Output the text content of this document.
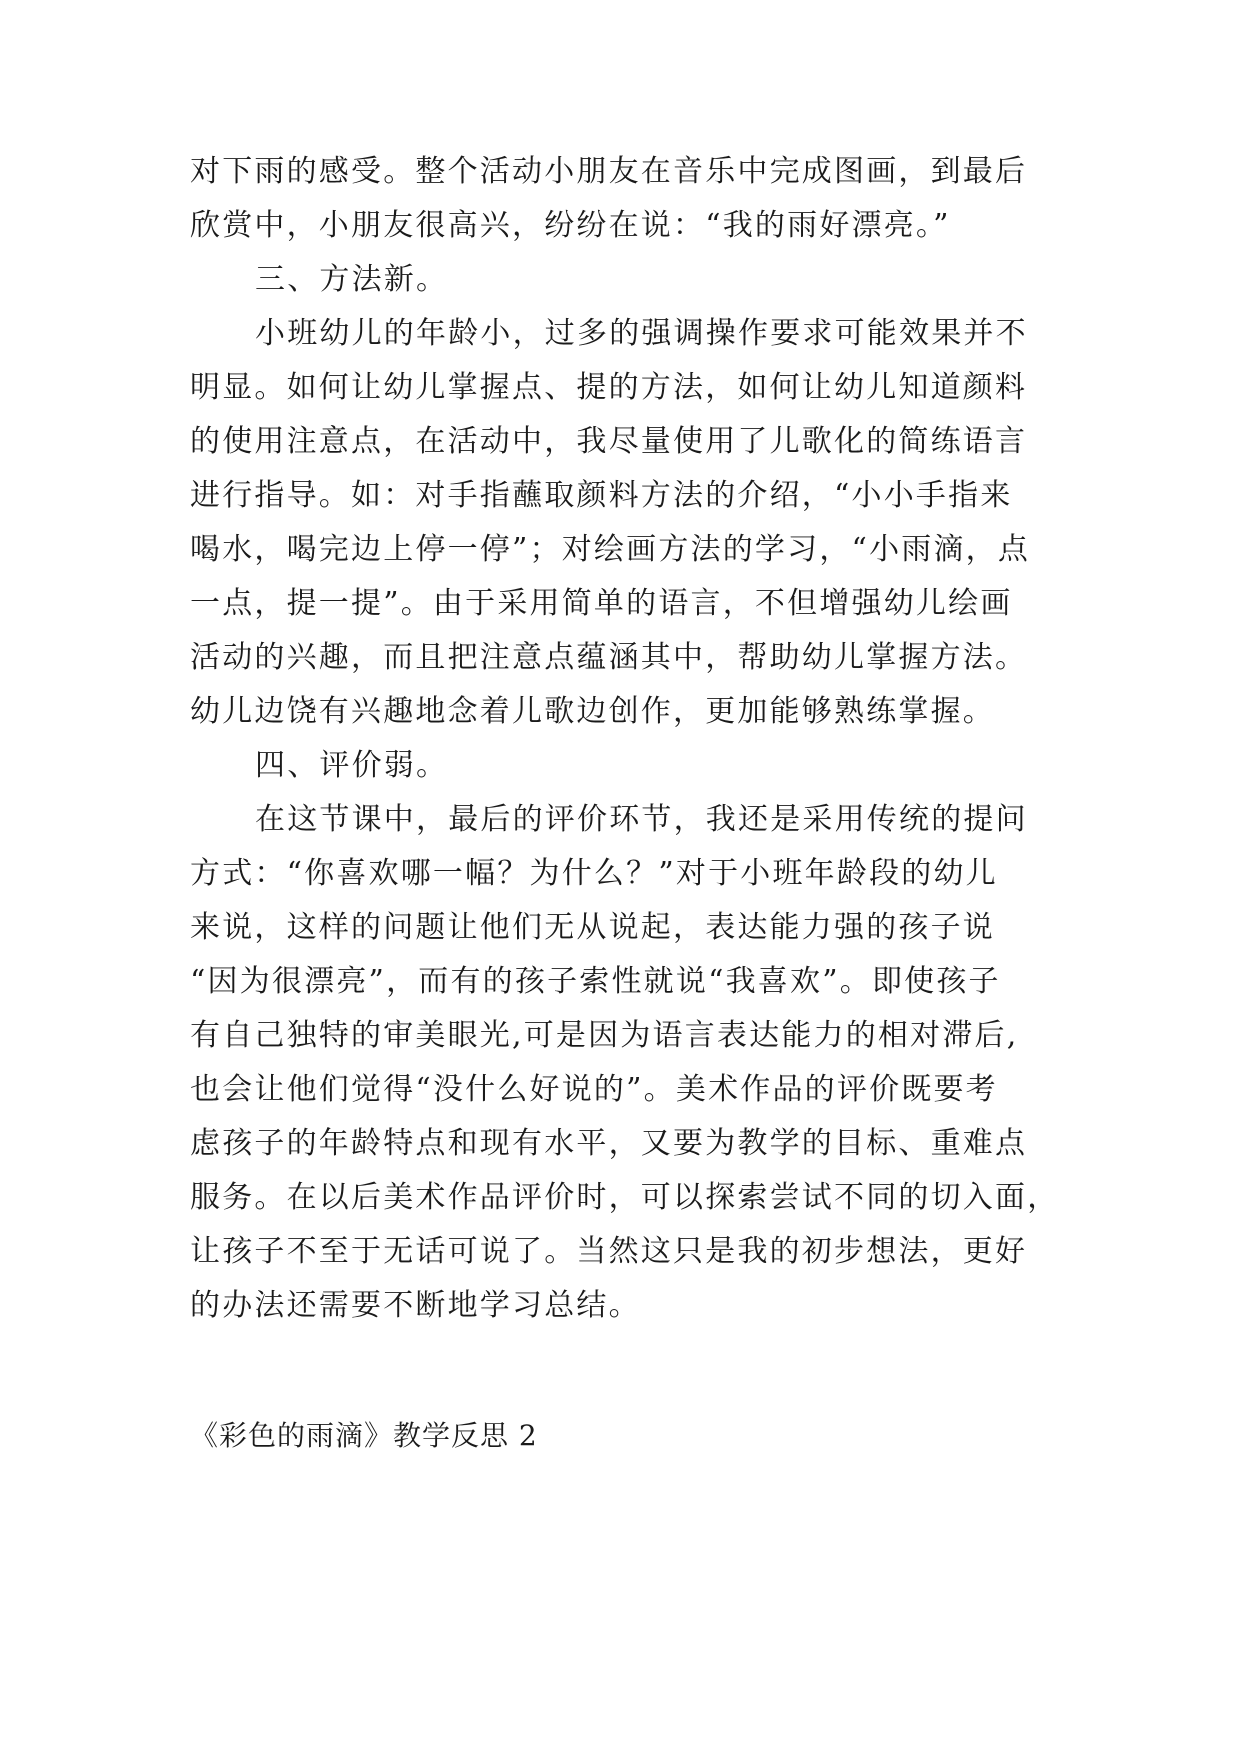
对下雨的感受。整个活动小朋友在音乐中完成图画，到最后
欣赏中，小朋友很高兴，纷纷在说：“我的雨好漂亮。”
三、方法新。
小班幼儿的年龄小，过多的强调操作要求可能效果并不
明显。如何让幼儿掌握点、提的方法，如何让幼儿知道颜料
的使用注意点，在活动中，我尽量使用了儿歌化的简练语言
进行指导。如：对手指蘸取颜料方法的介绍，“小小手指来
喝水，喝完边上停一停”；对绘画方法的学习，“小雨滴，点
一点，提一提”。由于采用简单的语言，不但增强幼儿绘画
活动的兴趣，而且把注意点蕴涵其中，帮助幼儿掌握方法。
幼儿边饶有兴趣地念着儿歌边创作，更加能够熟练掌握。
四、评价弱。
在这节课中，最后的评价环节，我还是采用传统的提问
方式：“你喜欢哪一幅？为什么？”对于小班年龄段的幼儿
来说，这样的问题让他们无从说起，表达能力强的孩子说
“因为很漂亮”，而有的孩子索性就说“我喜欢”。即使孩子
有自己独特的审美眼光,可是因为语言表达能力的相对滞后,
也会让他们觉得“没什么好说的”。美术作品的评价既要考
虑孩子的年龄特点和现有水平，又要为教学的目标、重难点
服务。在以后美术作品评价时，可以探索尝试不同的切入面，
让孩子不至于无话可说了。当然这只是我的初步想法，更好
的办法还需要不断地学习总结。
《彩色的雨滴》教学反思 2
